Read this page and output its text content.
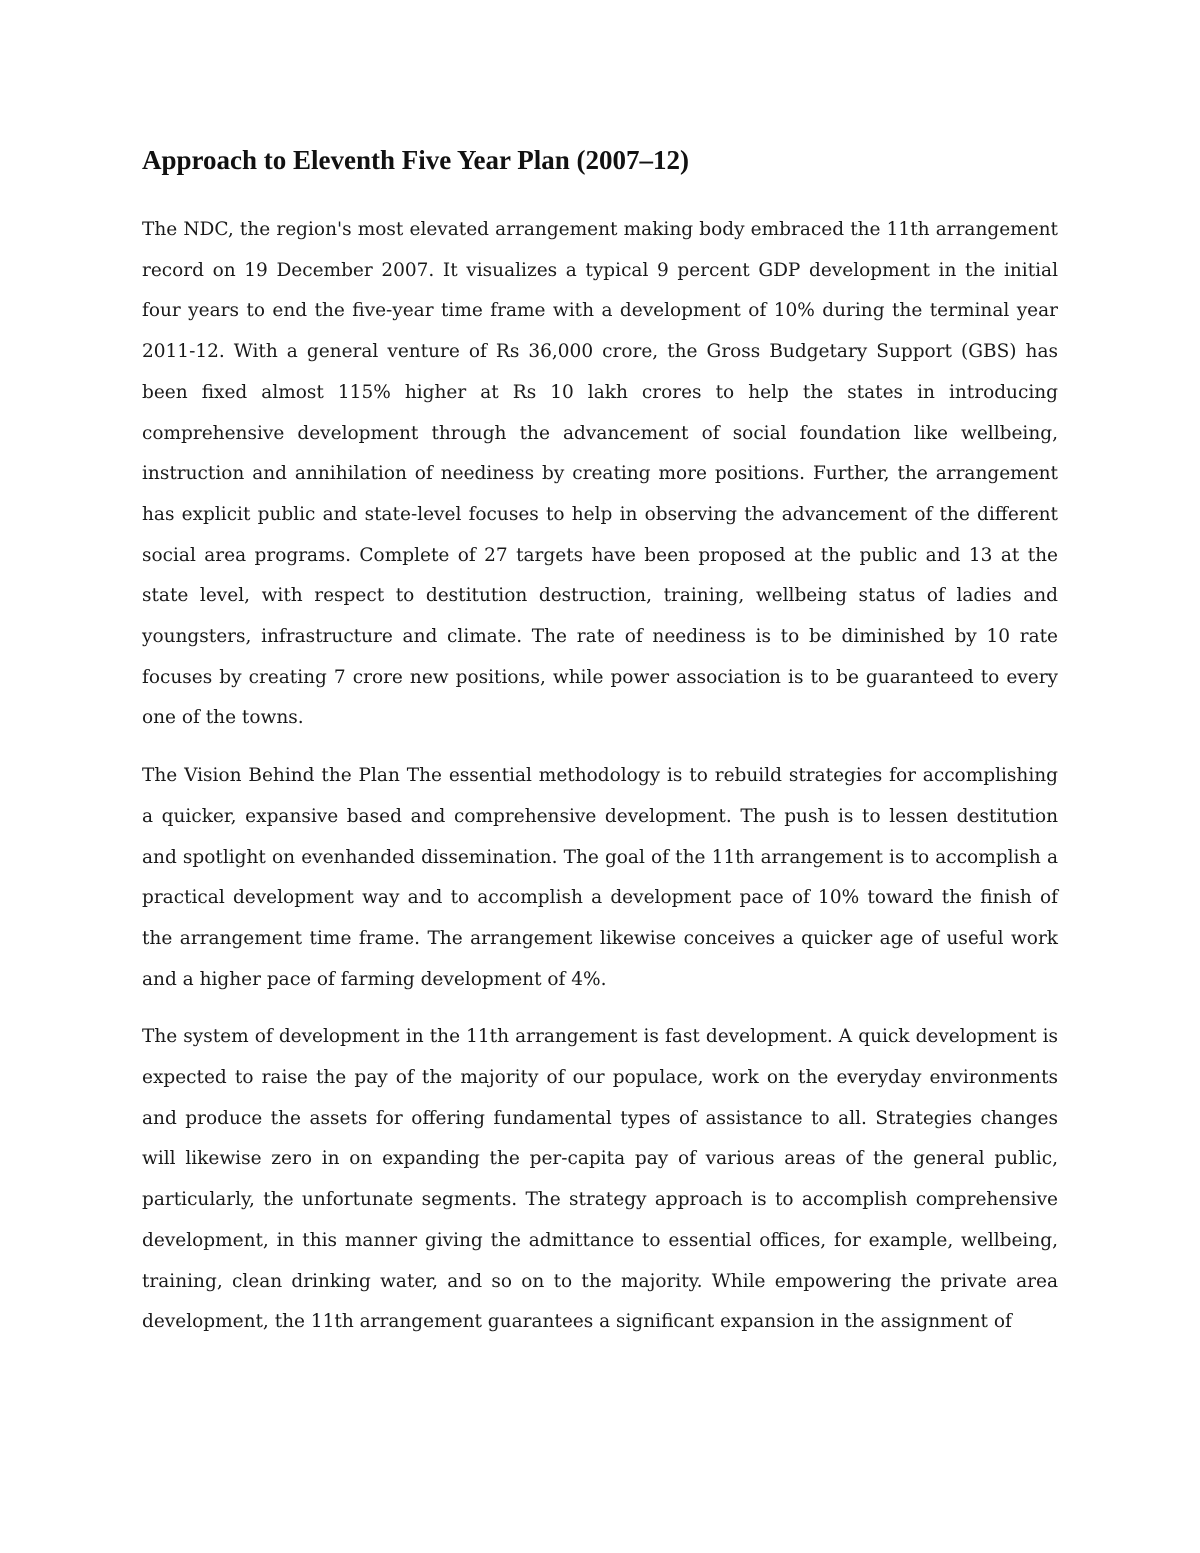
Approach to Eleventh Five Year Plan (2007–12)

The NDC, the region's most elevated arrangement making body embraced the 11th arrangement record on 19 December 2007. It visualizes a typical 9 percent GDP development in the initial four years to end the five-year time frame with a development of 10% during the terminal year 2011-12. With a general venture of Rs 36,000 crore, the Gross Budgetary Support (GBS) has been fixed almost 115% higher at Rs 10 lakh crores to help the states in introducing comprehensive development through the advancement of social foundation like wellbeing, instruction and annihilation of neediness by creating more positions. Further, the arrangement has explicit public and state-level focuses to help in observing the advancement of the different social area programs. Complete of 27 targets have been proposed at the public and 13 at the state level, with respect to destitution destruction, training, wellbeing status of ladies and youngsters, infrastructure and climate. The rate of neediness is to be diminished by 10 rate focuses by creating 7 crore new positions, while power association is to be guaranteed to every one of the towns.

The Vision Behind the Plan The essential methodology is to rebuild strategies for accomplishing a quicker, expansive based and comprehensive development. The push is to lessen destitution and spotlight on evenhanded dissemination. The goal of the 11th arrangement is to accomplish a practical development way and to accomplish a development pace of 10% toward the finish of the arrangement time frame. The arrangement likewise conceives a quicker age of useful work and a higher pace of farming development of 4%.

The system of development in the 11th arrangement is fast development. A quick development is expected to raise the pay of the majority of our populace, work on the everyday environments and produce the assets for offering fundamental types of assistance to all. Strategies changes will likewise zero in on expanding the per-capita pay of various areas of the general public, particularly, the unfortunate segments. The strategy approach is to accomplish comprehensive development, in this manner giving the admittance to essential offices, for example, wellbeing, training, clean drinking water, and so on to the majority. While empowering the private area development, the 11th arrangement guarantees a significant expansion in the assignment of
